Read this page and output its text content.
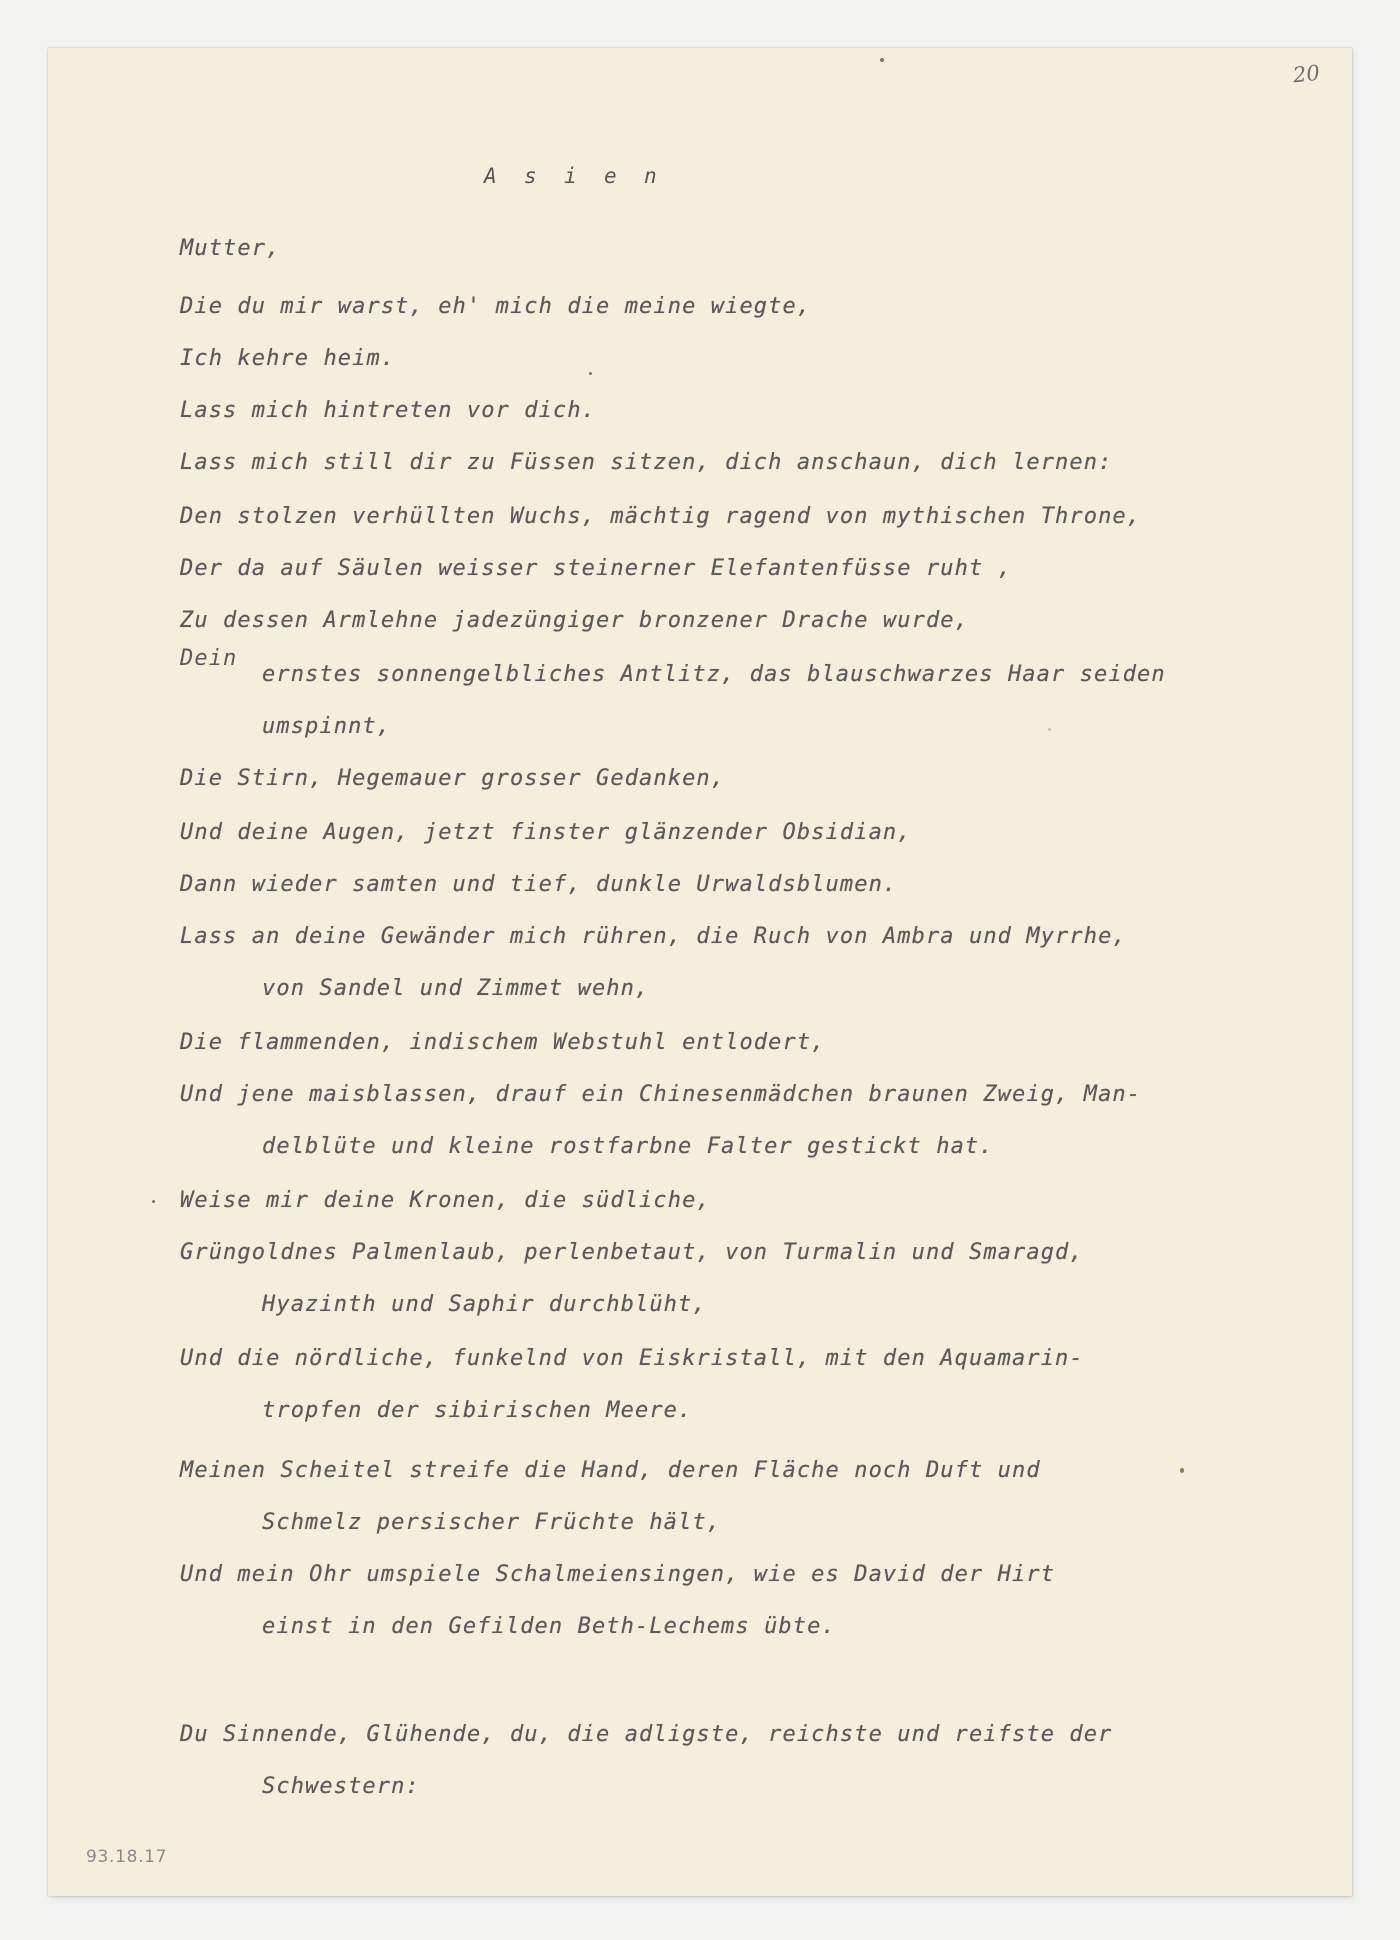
20
A s i e n
Mutter,
Die du mir warst, eh' mich die meine wiegte,
Ich kehre heim.
Lass mich hintreten vor dich.
Lass mich still dir zu Füssen sitzen, dich anschaun, dich lernen:
Den stolzen verhüllten Wuchs, mächtig ragend von mythischen Throne,
Der da auf Säulen weisser steinerner Elefantenfüsse ruht ,
Zu dessen Armlehne jadezüngiger bronzener Drache wurde,
Dein
ernstes sonnengelbliches Antlitz, das blauschwarzes Haar seiden
umspinnt,
Die Stirn, Hegemauer grosser Gedanken,
Und deine Augen, jetzt finster glänzender Obsidian,
Dann wieder samten und tief, dunkle Urwaldsblumen.
Lass an deine Gewänder mich rühren, die Ruch von Ambra und Myrrhe,
von Sandel und Zimmet wehn,
Die flammenden, indischem Webstuhl entlodert,
Und jene maisblassen, drauf ein Chinesenmädchen braunen Zweig, Man-
delblüte und kleine rostfarbne Falter gestickt hat.
Weise mir deine Kronen, die südliche,
Grüngoldnes Palmenlaub, perlenbetaut, von Turmalin und Smaragd,
Hyazinth und Saphir durchblüht,
Und die nördliche, funkelnd von Eiskristall, mit den Aquamarin-
tropfen der sibirischen Meere.
Meinen Scheitel streife die Hand, deren Fläche noch Duft und
Schmelz persischer Früchte hält,
Und mein Ohr umspiele Schalmeiensingen, wie es David der Hirt
einst in den Gefilden Beth-Lechems übte.
Du Sinnende, Glühende, du, die adligste, reichste und reifste der
Schwestern:
93.18.17
